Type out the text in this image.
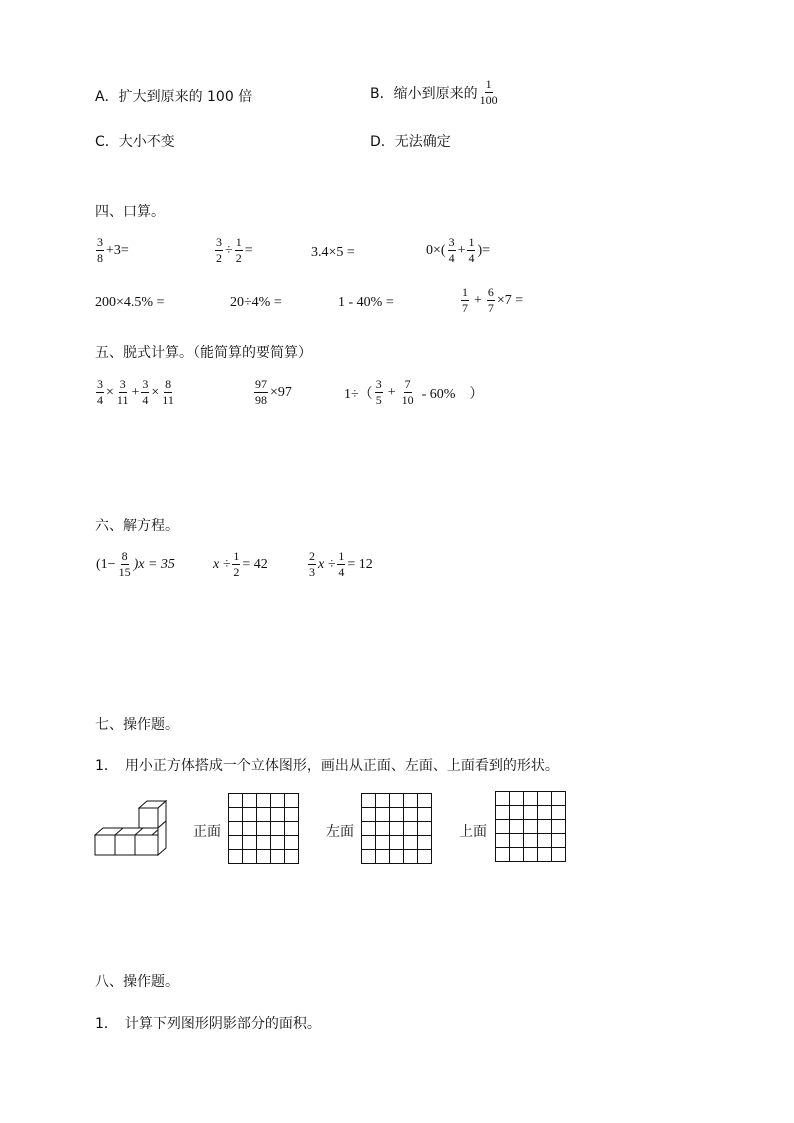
A．扩大到原来的 100 倍	B．缩小到原来的 $\frac{1}{100}$
C．大小不变	D．无法确定
四、口算。
$\frac{3}{8} +3=$	$\frac{3}{2} \div \frac{1}{2}$ =	3.4×5 =	$0\times( \frac{3}{4} + \frac{1}{4}$ )=
200×4.5% =	20÷4% =	1 - 40% =	$\frac{1}{7} + \frac{6}{7} \times 7$ =
五、脱式计算。（能简算的要简算）
$\frac{3}{4} \times \frac{3}{11} + \frac{3}{4} \times \frac{8}{11}$	$\frac{97}{98} \times 97$	$1\div( \frac{3}{5} + \frac{7}{10} - 60\%$　）
六、解方程。
$(1- \frac{8}{15} )x = 35$	$x \div \frac{1}{2} = 42$	$\frac{2}{3}$ $x \div \frac{1}{4} = 12$
七、操作题。
1．　用小正方体搭成一个立体图形，画出从正面、左面、上面看到的形状。
正面	左面	上面
八、操作题。
1．　计算下列图形阴影部分的面积。
